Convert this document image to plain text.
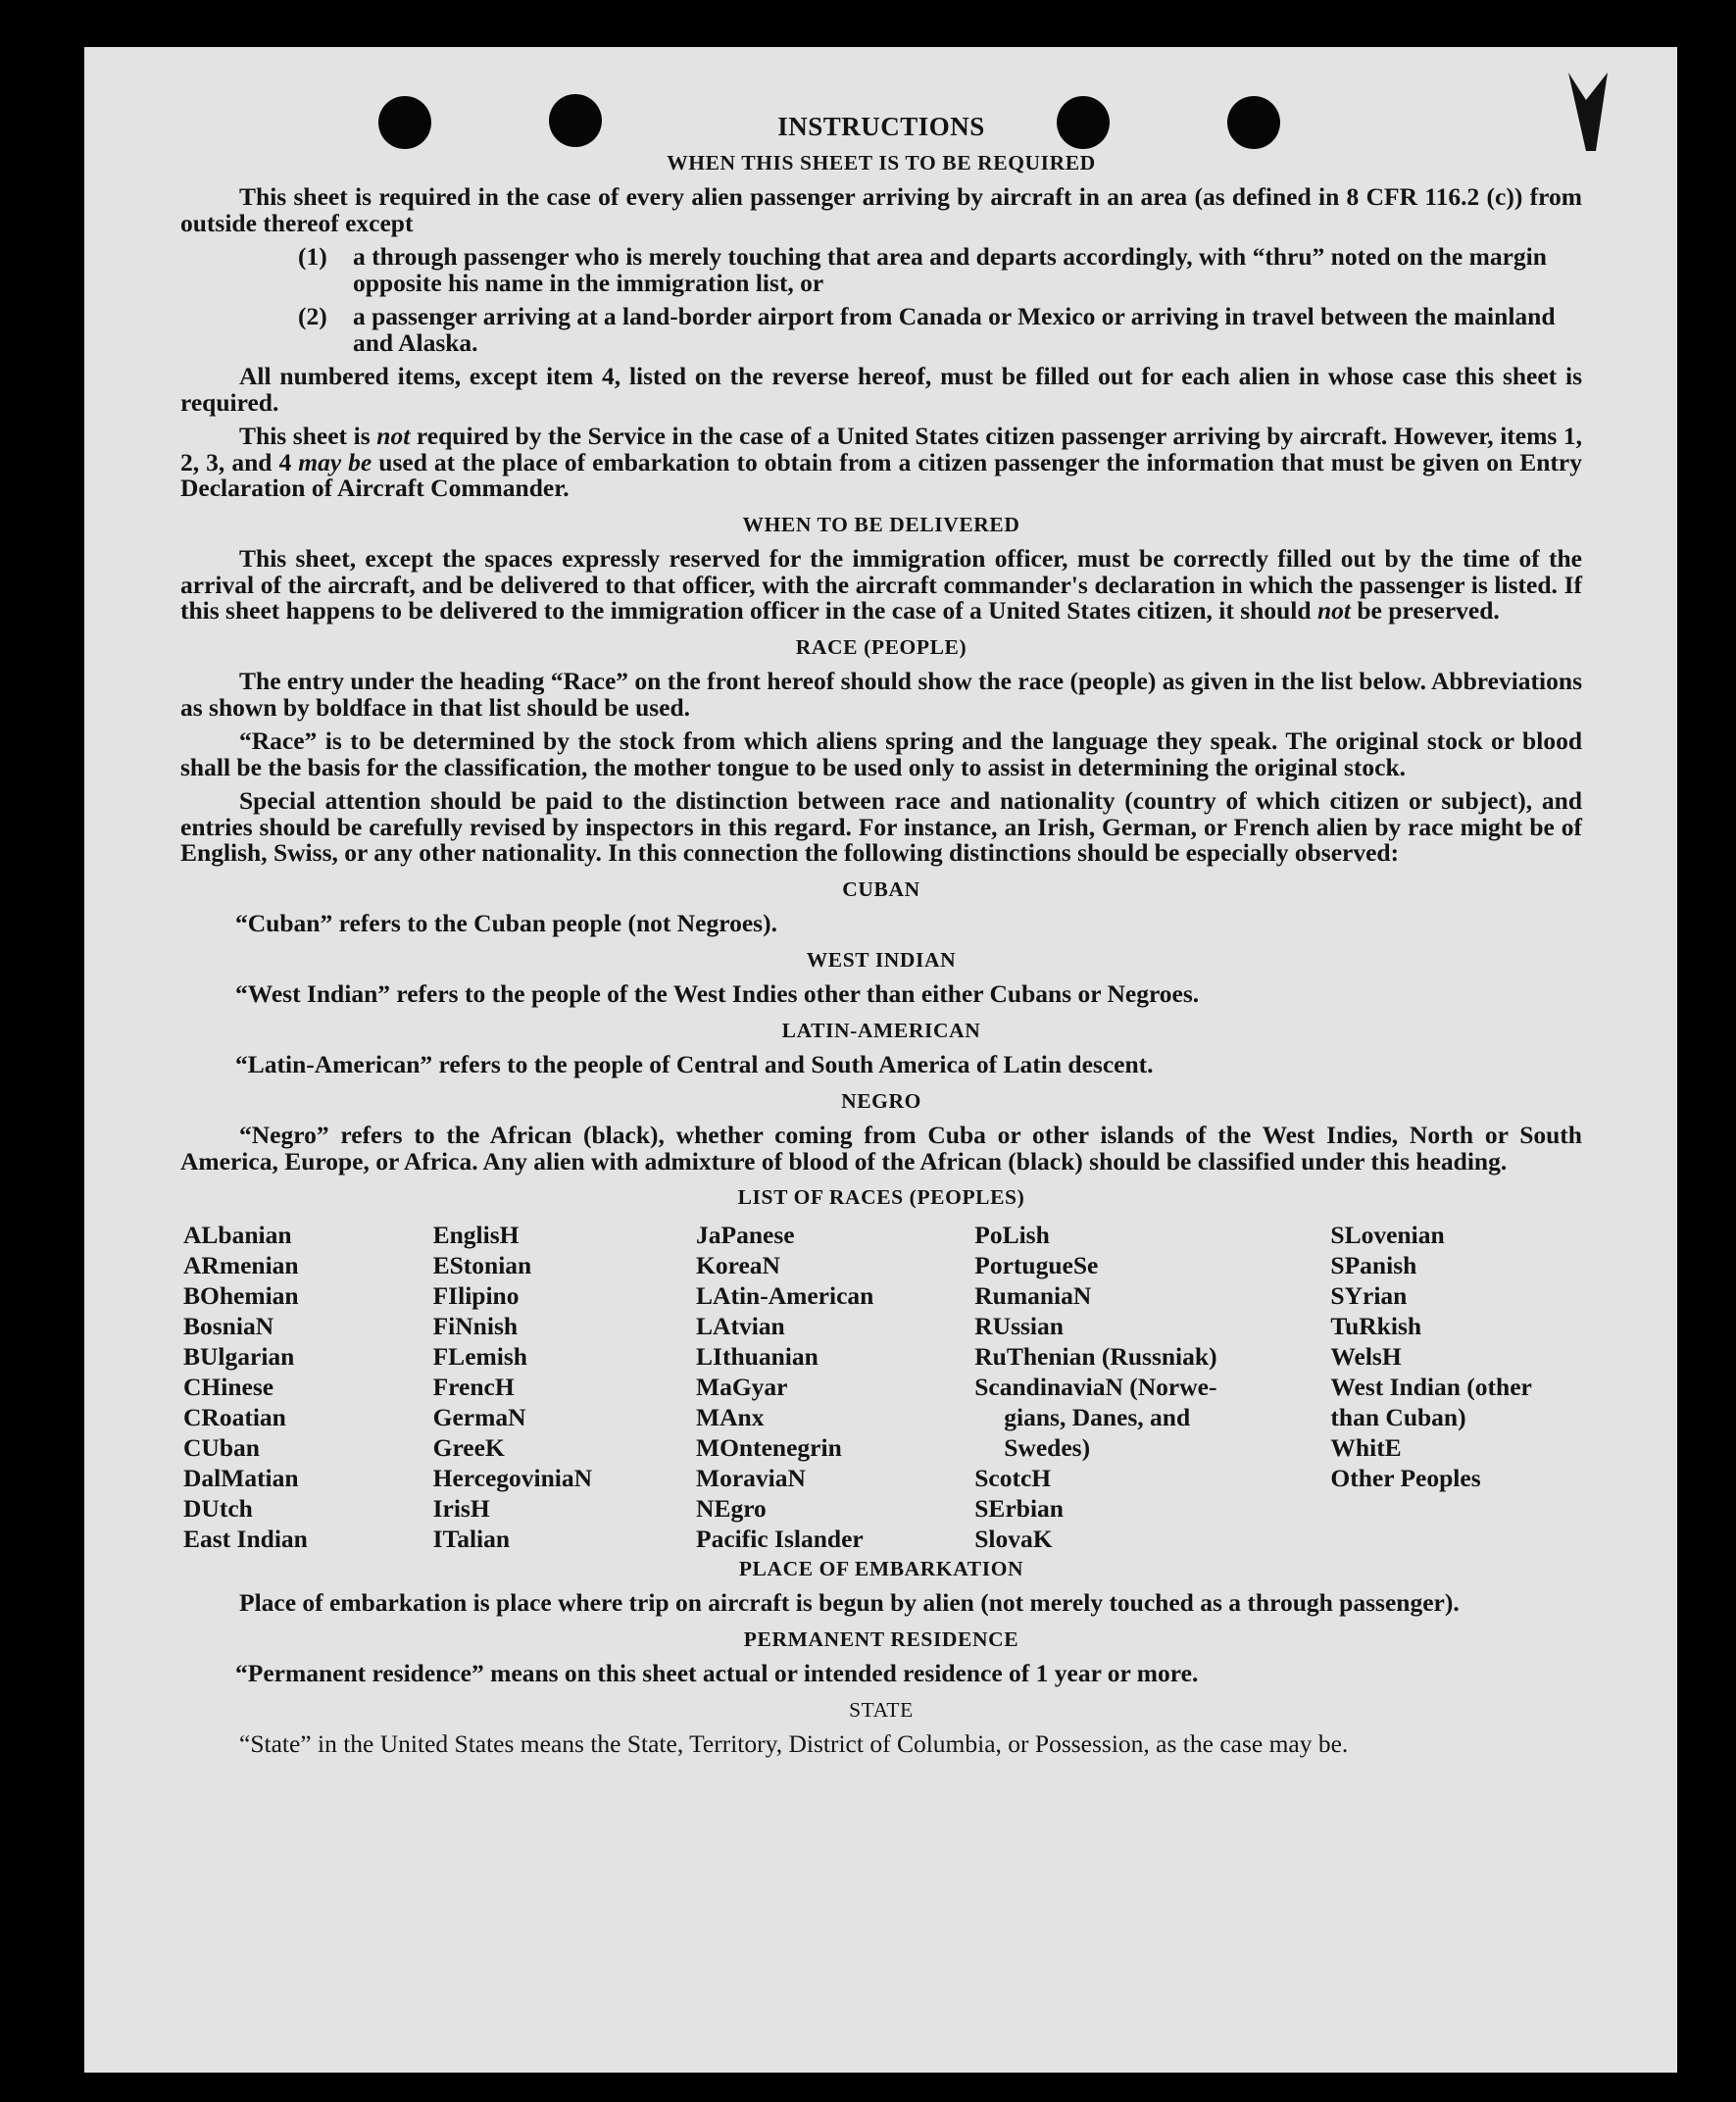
INSTRUCTIONS
WHEN THIS SHEET IS TO BE REQUIRED
This sheet is required in the case of every alien passenger arriving by aircraft in an area (as defined in 8 CFR 116.2 (c)) from outside thereof except
(1)	a through passenger who is merely touching that area and departs accordingly, with “thru” noted on the margin opposite his name in the immigration list, or
(2)	a passenger arriving at a land-border airport from Canada or Mexico or arriving in travel between the mainland and Alaska.
All numbered items, except item 4, listed on the reverse hereof, must be filled out for each alien in whose case this sheet is required.
This sheet is not required by the Service in the case of a United States citizen passenger arriving by aircraft. However, items 1, 2, 3, and 4 may be used at the place of embarkation to obtain from a citizen passenger the information that must be given on Entry Declaration of Aircraft Commander.
WHEN TO BE DELIVERED
This sheet, except the spaces expressly reserved for the immigration officer, must be correctly filled out by the time of the arrival of the aircraft, and be delivered to that officer, with the aircraft commander's declaration in which the passenger is listed. If this sheet happens to be delivered to the immigration officer in the case of a United States citizen, it should not be preserved.
RACE (PEOPLE)
The entry under the heading “Race” on the front hereof should show the race (people) as given in the list below. Abbreviations as shown by boldface in that list should be used.
“Race” is to be determined by the stock from which aliens spring and the language they speak. The original stock or blood shall be the basis for the classification, the mother tongue to be used only to assist in determining the original stock.
Special attention should be paid to the distinction between race and nationality (country of which citizen or subject), and entries should be carefully revised by inspectors in this regard. For instance, an Irish, German, or French alien by race might be of English, Swiss, or any other nationality. In this connection the following distinctions should be especially observed:
CUBAN
“Cuban” refers to the Cuban people (not Negroes).
WEST INDIAN
“West Indian” refers to the people of the West Indies other than either Cubans or Negroes.
LATIN-AMERICAN
“Latin-American” refers to the people of Central and South America of Latin descent.
NEGRO
“Negro” refers to the African (black), whether coming from Cuba or other islands of the West Indies, North or South America, Europe, or Africa. Any alien with admixture of blood of the African (black) should be classified under this heading.
LIST OF RACES (PEOPLES)
ALbanian
ARmenian
BOhemian
BosniaN
BUlgarian
CHinese
CRoatian
CUban
DalMatian
DUtch
East Indian
EnglisH
EStonian
FIlipino
FiNnish
FLemish
FrencH
GermaN
GreeK
HercegoviniaN
IrisH
ITalian
JaPanese
KoreaN
LAtin-American
LAtvian
LIthuanian
MaGyar
MAnx
MOntenegrin
MoraviaN
NEgro
Pacific Islander
PoLish
PortugueSe
RumaniaN
RUssian
RuThenian (Russniak)
ScandinaviaN (Norwe-
gians, Danes, and
Swedes)
ScotcH
SErbian
SlovaK
SLovenian
SPanish
SYrian
TuRkish
WelsH
West Indian (other
than Cuban)
WhitE
Other Peoples
PLACE OF EMBARKATION
Place of embarkation is place where trip on aircraft is begun by alien (not merely touched as a through passenger).
PERMANENT RESIDENCE
“Permanent residence” means on this sheet actual or intended residence of 1 year or more.
STATE
“State” in the United States means the State, Territory, District of Columbia, or Possession, as the case may be.
